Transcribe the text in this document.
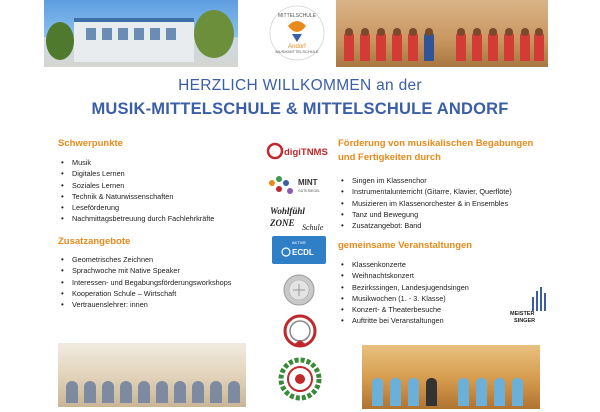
MITTELSCHULE
MUSIKMITTELSCHULE
Andorf
HERZLICH WILLKOMMEN an der
MUSIK-MITTELSCHULE & MITTELSCHULE ANDORF
Schwerpunkte
• Musik
• Digitales Lernen
• Soziales Lernen
• Technik & Naturwissenschaften
• Leseförderung
• Nachmittagsbetreuung durch Fachlehrkräfte
Zusatzangebote
• Geometrisches Zeichnen
• Sprachwoche mit Native Speaker
• Interessen- und Begabungsförderungsworkshops
• Kooperation Schule – Wirtschaft
• Vertrauenslehrer: innen
digiTNMS
MINT
GÜTESIEGEL
Wohlfühl
ZONE Schule
AKTIVE
ECDL
Förderung von musikalischen Begabungen und Fertigkeiten durch
• Singen im Klassenchor
• Instrumentalunterricht (Gitarre, Klavier, Querflöte)
• Musizieren im Klassenorchester & in Ensembles
• Tanz und Bewegung
• Zusatzangebot: Band
gemeinsame Veranstaltungen
• Klassenkonzerte
• Weihnachtskonzert
• Bezirkssingen, Landesjugendsingen
• Musikwochen (1. - 3. Klasse)
• Konzert- & Theaterbesuche
• Auftritte bei Veranstaltungen
MEISTER
SINGER
